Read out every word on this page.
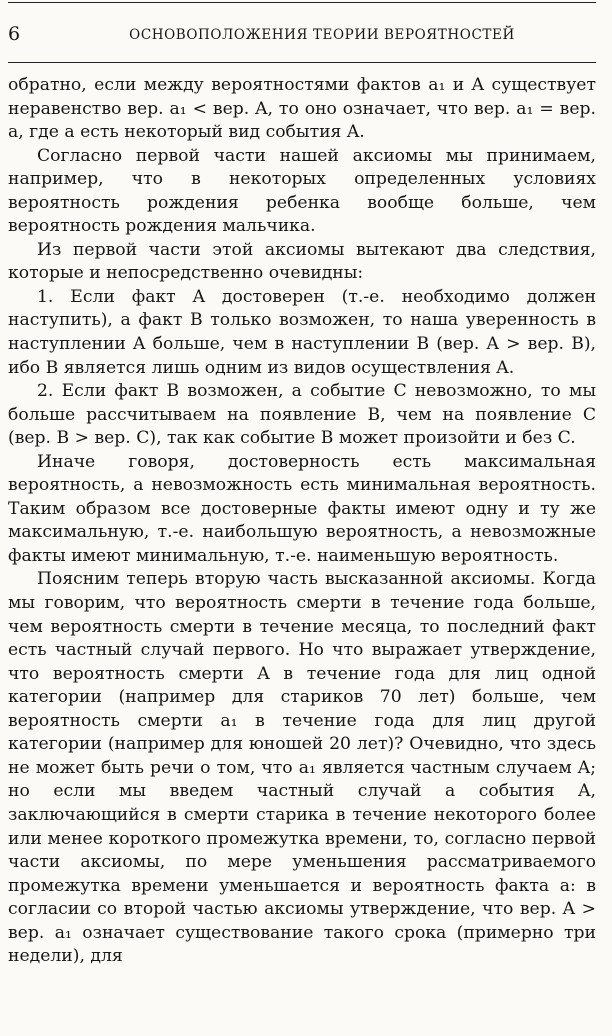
6	ОСНОВОПОЛОЖЕНИЯ ТЕОРИИ ВЕРОЯТНОСТЕЙ

обратно, если между вероятностями фактов a₁ и A существует неравенство вер. a₁ < вер. A, то оно означает, что вер. a₁ = вер. a, где a есть некоторый вид события A.

Согласно первой части нашей аксиомы мы принимаем, например, что в некоторых определенных условиях вероятность рождения ребенка вообще больше, чем вероятность рождения мальчика.

Из первой части этой аксиомы вытекают два следствия, которые и непосредственно очевидны:

1. Если факт A достоверен (т.-е. необходимо должен наступить), а факт B только возможен, то наша уверенность в наступлении A больше, чем в наступлении B (вер. A > вер. B), ибо B является лишь одним из видов осуществления A.

2. Если факт B возможен, а событие C невозможно, то мы больше рассчитываем на появление B, чем на появление C (вер. B > вер. C), так как событие B может произойти и без C.

Иначе говоря, достоверность есть максимальная вероятность, а невозможность есть минимальная вероятность. Таким образом все достоверные факты имеют одну и ту же максимальную, т.-е. наибольшую вероятность, а невозможные факты имеют минимальную, т.-е. наименьшую вероятность.

Поясним теперь вторую часть высказанной аксиомы. Когда мы говорим, что вероятность смерти в течение года больше, чем вероятность смерти в течение месяца, то последний факт есть частный случай первого. Но что выражает утверждение, что вероятность смерти A в течение года для лиц одной категории (например для стариков 70 лет) больше, чем вероятность смерти a₁ в течение года для лиц другой категории (например для юношей 20 лет)? Очевидно, что здесь не может быть речи о том, что a₁ является частным случаем A; но если мы введем частный случай a события A, заключающийся в смерти старика в течение некоторого более или менее короткого промежутка времени, то, согласно первой части аксиомы, по мере уменьшения рассматриваемого промежутка времени уменьшается и вероятность факта a: в согласии со второй частью аксиомы утверждение, что вер. A > вер. a₁ означает существование такого срока (примерно три недели), для
